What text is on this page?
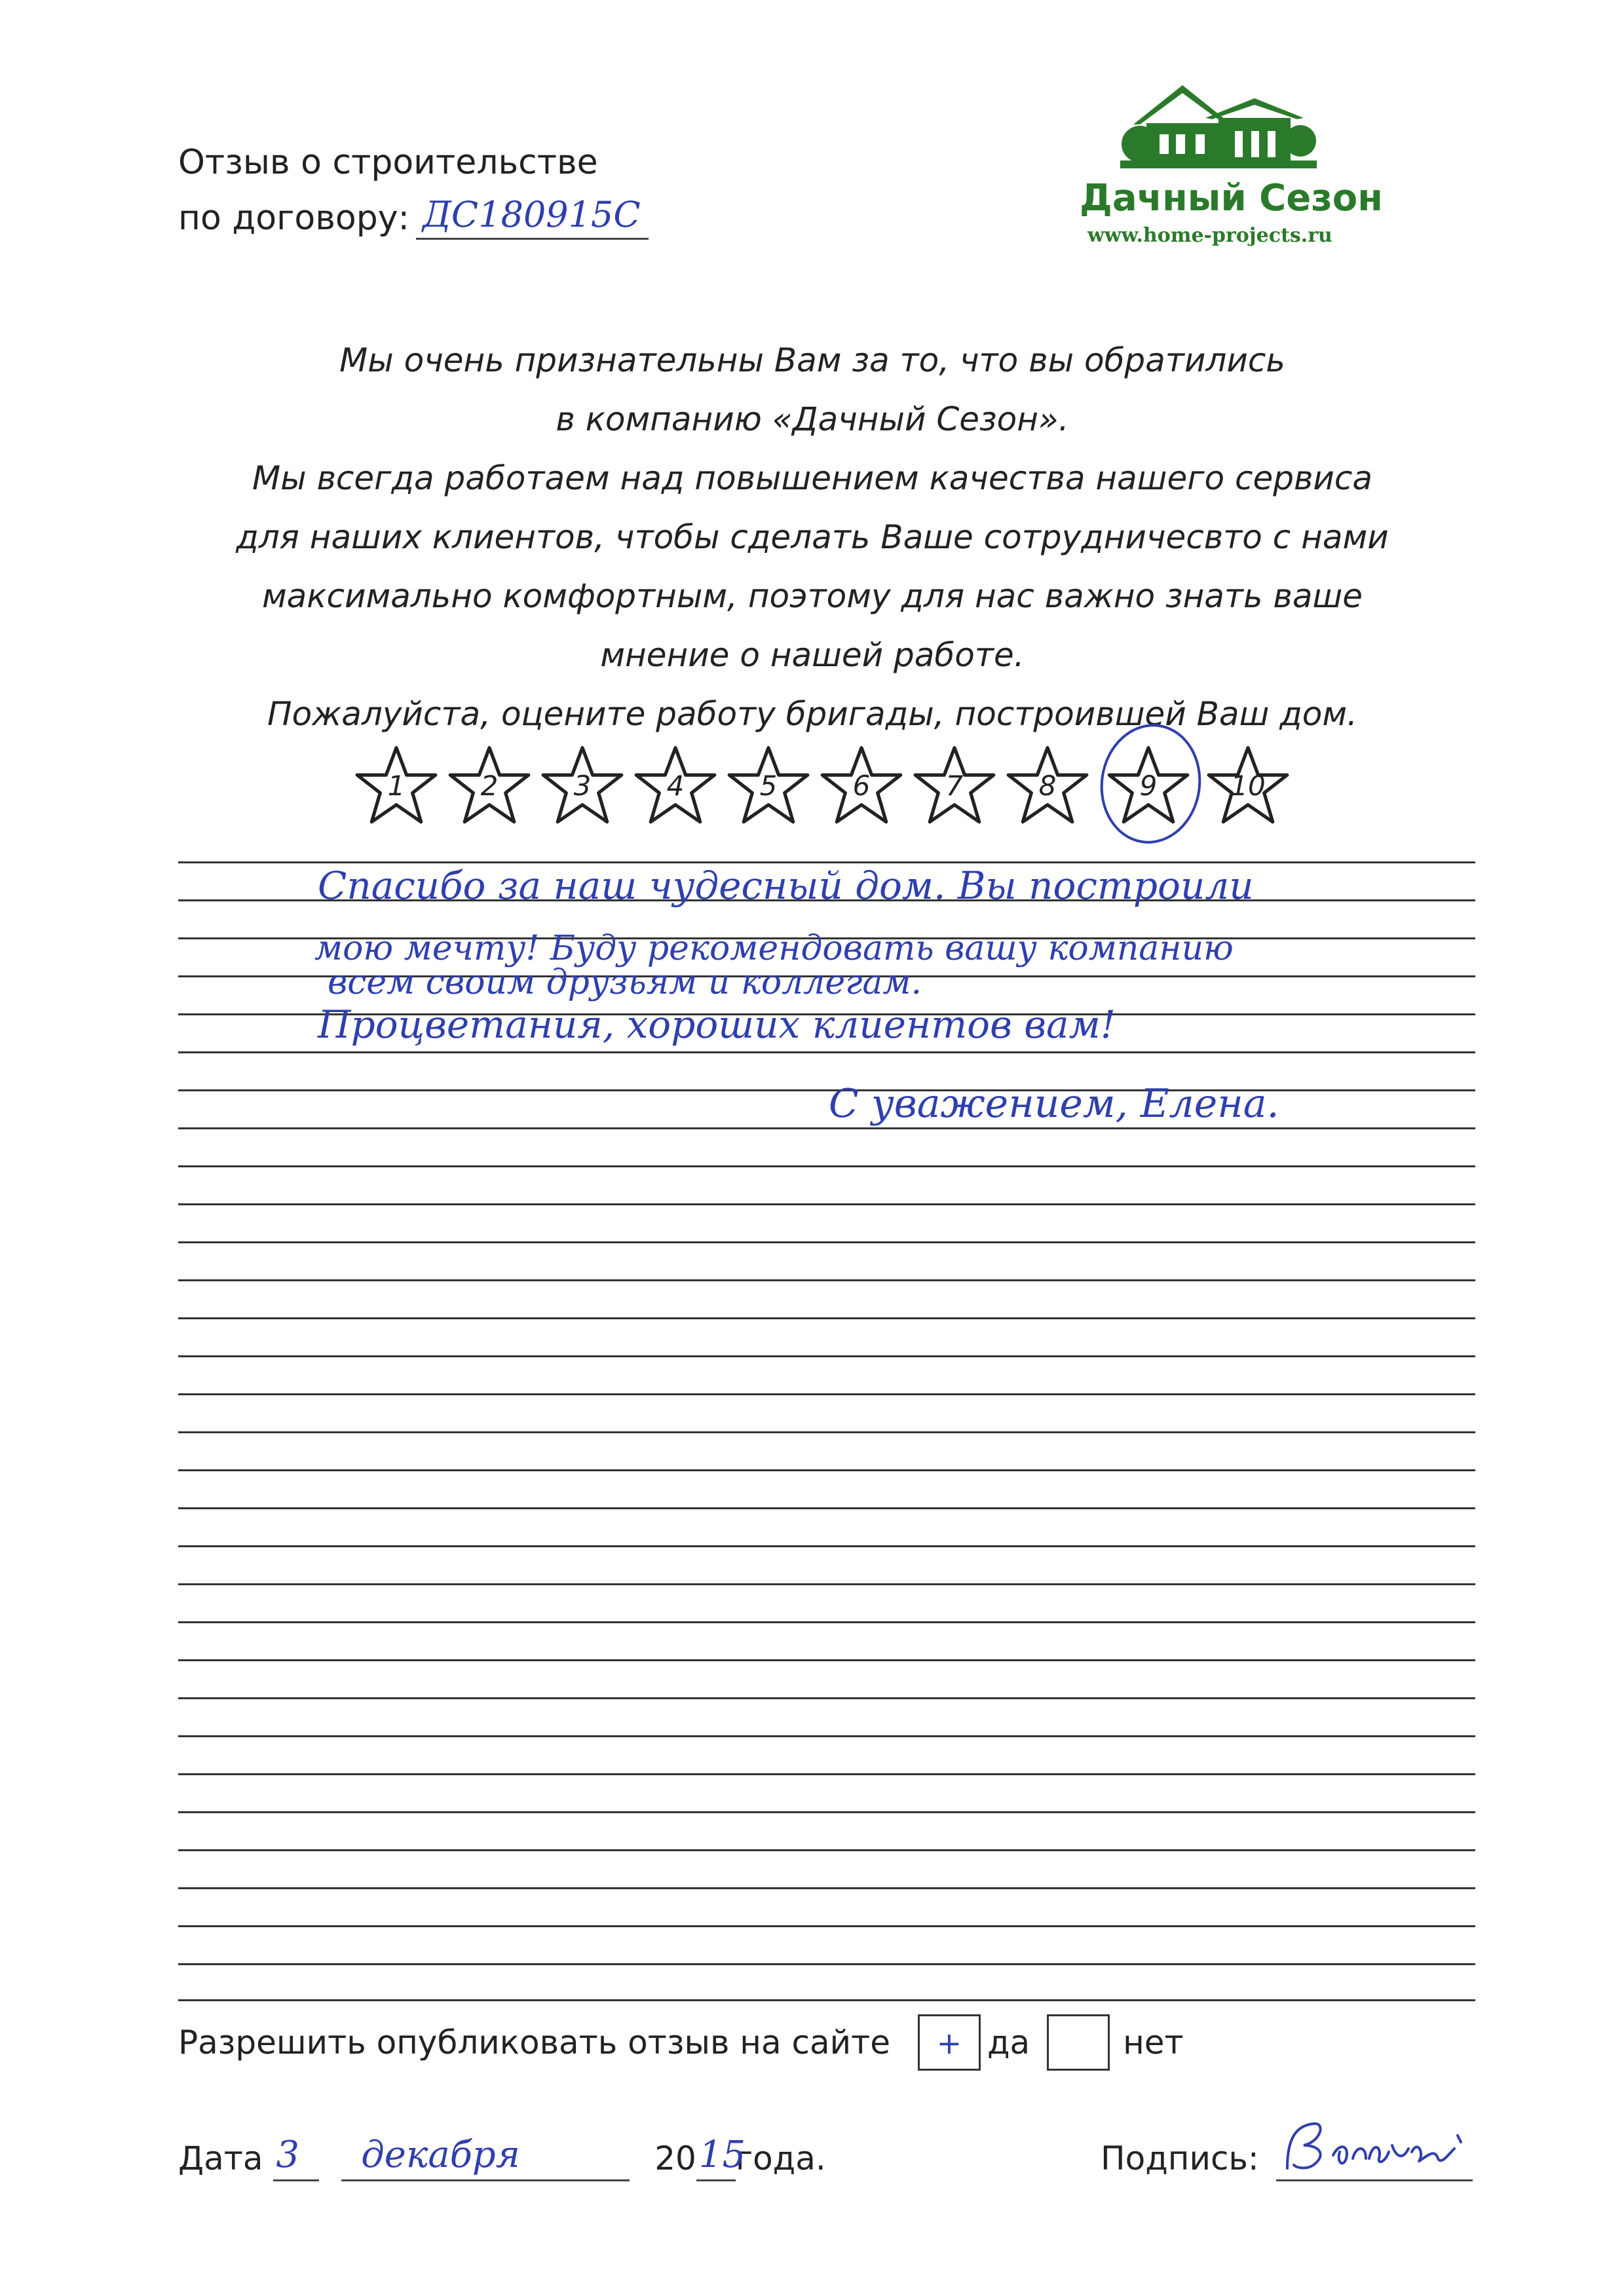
Отзыв о строительстве
по договору: ДС180915С	Дачный Сезон
www.home-projects.ru
Мы очень признательны Вам за то, что вы обратились
в компанию «Дачный Сезон».
Мы всегда работаем над повышением качества нашего сервиса
для наших клиентов, чтобы сделать Ваше сотрудничесвто с нами
максимально комфортным, поэтому для нас важно знать ваше
мнение о нашей работе.
Пожалуйста, оцените работу бригады, построившей Ваш дом.
1	2	3	4	5	6	7	8	9	10
Спасибо за наш чудесный дом. Вы построили
мою мечту! Буду рекомендовать вашу компанию
всем своим друзьям и коллегам.
Процветания, хороших клиентов вам!
С уважением, Елена.
Разрешить опубликовать отзыв на сайте	+ да	нет
Дата 3
декабря	20 15
года.	Подпись:
